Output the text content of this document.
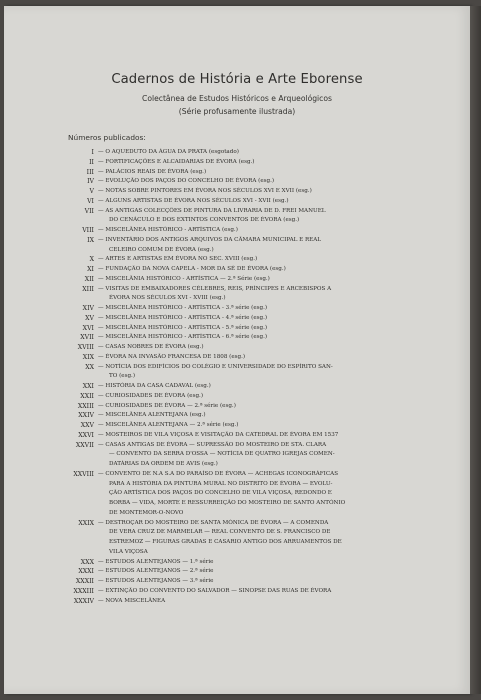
Cadernos de História e Arte Eborense
Colectânea de Estudos Históricos e Arqueológicos
(Série profusamente ilustrada)
Números publicados:
I — O AQUEDUTO DA ÁGUA DA PRATA (esgotado)
II — FORTIFICAÇÕES E ALCAIDARIAS DE ÉVORA (esg.)
III — PALÁCIOS REAIS DE ÉVORA (esg.)
IV — EVOLUÇÃO DOS PAÇOS DO CONCELHO DE ÉVORA (esg.)
V — NOTAS SOBRE PINTORES EM ÉVORA NOS SÉCULOS XVI E XVII (esg.)
VI — ALGUNS ARTISTAS DE ÉVORA NOS SÉCULOS XVI - XVII (esg.)
VII — AS ANTIGAS COLECÇÕES DE PINTURA DA LIVRARIA DE D. FREI MANUEL
DO CENÁCULO E DOS EXTINTOS CONVENTOS DE ÉVORA (esg.)
VIII — MISCELÂNEA HISTÓRICO - ARTÍSTICA (esg.)
IX — INVENTÁRIO DOS ANTIGOS ARQUIVOS DA CÂMARA MUNICIPAL E REAL
CELEIRO COMUM DE ÉVORA (esg.)
X — ARTES E ARTISTAS EM ÉVORA NO SEC. XVIII (esg.)
XI — FUNDAÇÃO DA NOVA CAPELA - MOR DA SÉ DE ÉVORA (esg.)
XII — MISCELÂNIA HISTÓRICO - ARTÍSTICA — 2.ª Série (esg.)
XIII — VISITAS DE EMBAIXADORES CÉLEBRES, REIS, PRÍNCIPES E ARCEBISPOS A
ÉVORA NOS SÉCULOS XVI - XVIII (esg.)
XIV — MISCELÂNEA HISTÓRICO - ARTÍSTICA - 3.ª série (esg.)
XV — MISCELÂNEA HISTÓRICO - ARTÍSTICA - 4.ª série (esg.)
XVI — MISCELÂNEA HISTÓRICO - ARTÍSTICA - 5.ª série (esg.)
XVII — MISCELÂNEA HISTÓRICO - ARTÍSTICA - 6.ª série (esg.)
XVIII — CASAS NOBRES DE ÉVORA (esg.)
XIX — ÉVORA NA INVASÃO FRANCESA DE 1808 (esg.)
XX — NOTÍCIA DOS EDIFÍCIOS DO COLÉGIO E UNIVERSIDADE DO ESPÍRITO SAN-
TO (esg.)
XXI — HISTÓRIA DA CASA CADAVAL (esg.)
XXII — CURIOSIDADES DE ÉVORA (esg.)
XXIII — CURIOSIDADES DE ÉVORA — 2.ª série (esg.)
XXIV — MISCELÂNEA ALENTEJANA (esg.)
XXV — MISCELÂNEA ALENTEJANA — 2.ª série (esg.)
XXVI — MOSTEIROS DE VILA VIÇOSA E VISITAÇÃO DA CATEDRAL DE ÉVORA EM 1537
XXVII — CASAS ANTIGAS DE ÉVORA — SUPRESSÃO DO MOSTEIRO DE STA. CLARA
— CONVENTO DA SERRA D'OSSA — NOTÍCIA DE QUATRO IGREJAS COMEN-
DATÁRIAS DA ORDEM DE AVIS (esg.)
XXVIII — CONVENTO DE N.A S.A DO PARAÍSO DE ÉVORA — ACHEGAS ICONOGRÁFICAS
PARA A HISTÓRIA DA PINTURA MURAL NO DISTRITO DE ÉVORA — EVOLU-
ÇÃO ARTÍSTICA DOS PAÇOS DO CONCELHO DE VILA VIÇOSA, REDONDO E
BORBA — VIDA, MORTE E RESSURREIÇÃO DO MOSTEIRO DE SANTO ANTÓNIO
DE MONTEMOR-O-NOVO
XXIX — DESTROÇAR DO MOSTEIRO DE SANTA MÓNICA DE ÉVORA — A COMENDA
DE VERA CRUZ DE MARMELAR — REAL CONVENTO DE S. FRANCISCO DE
ESTREMOZ — FIGURAS GRADAS E CASARIO ANTIGO DOS ARRUAMENTOS DE
VILA VIÇOSA
XXX — ESTUDOS ALENTEJANOS — 1.ª série
XXXI — ESTUDOS ALENTEJANOS — 2.ª série
XXXII — ESTUDOS ALENTEJANOS — 3.ª série
XXXIII — EXTINÇÃO DO CONVENTO DO SALVADOR — SINOPSE DAS RUAS DE ÉVORA
XXXIV — NOVA MISCELÂNEA
